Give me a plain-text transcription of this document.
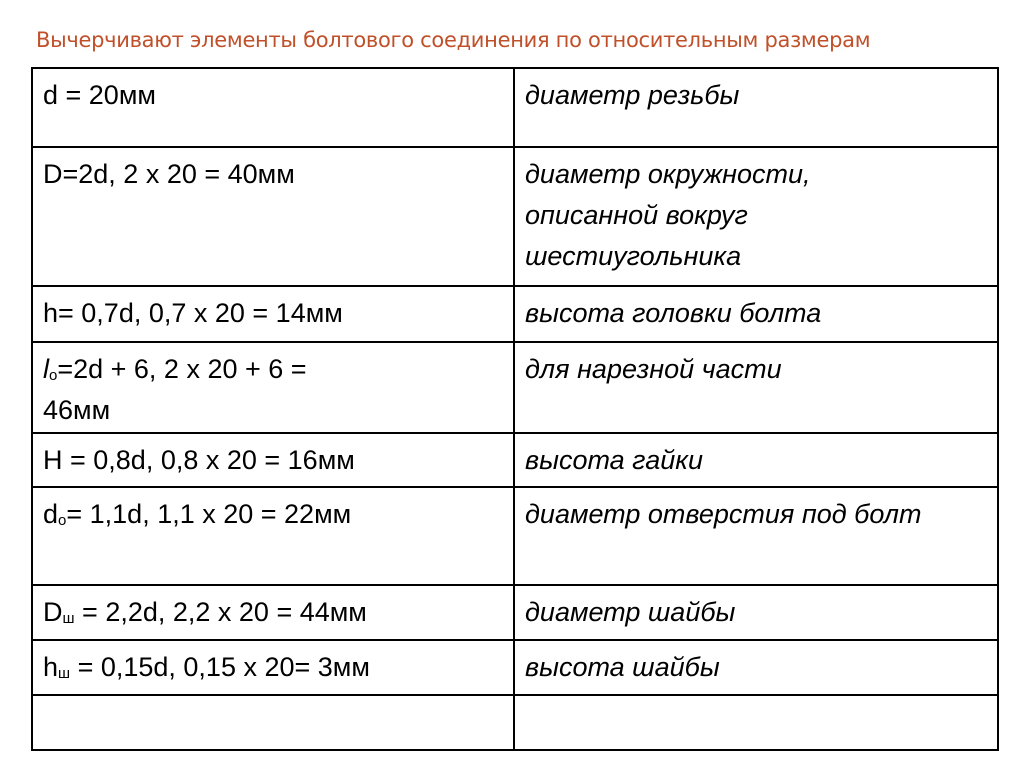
Вычерчивают элементы болтового соединения по относительным размерам
d = 20мм	диаметр резьбы
D=2d, 2 х 20 = 40мм	диаметр окружности,
описанной вокруг
шестиугольника

h= 0,7d, 0,7 х 20 = 14мм	высота головки болта

$l_o=2d + 6$, 2 х 20 + 6 =
46мм	для нарезной части
H = 0,8d, 0,8 х 20 = 16мм	высота гайки
$d_o= 1,1d$, 1,1 х 20 = 22мм	диаметр отверстия под болт
$D_ш = 2,2d$, 2,2 х 20 = 44мм	диаметр шайбы
$h_ш = 0,15d$, 0,15 х 20= 3мм	высота шайбы
